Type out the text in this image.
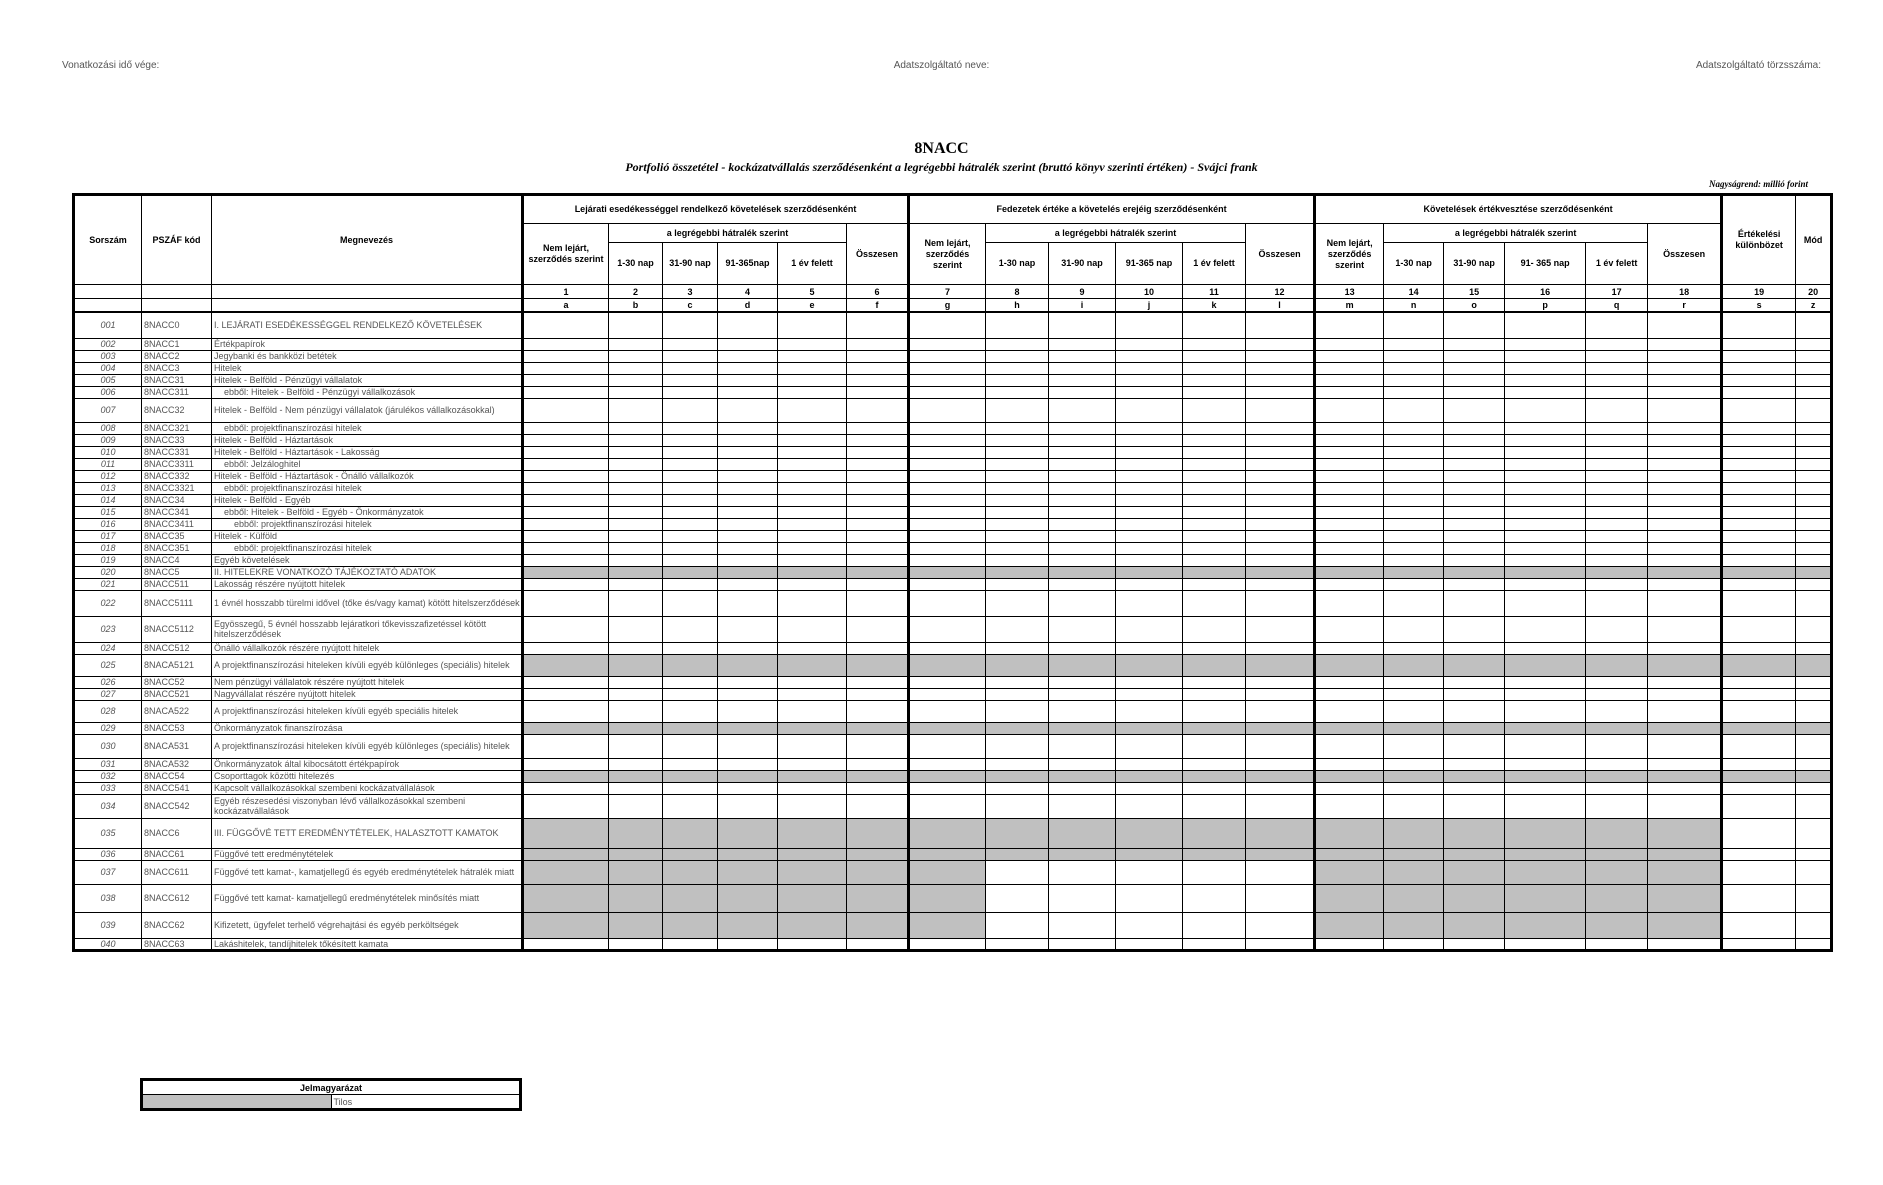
Vonatkozási idő vége:	Adatszolgáltató neve:	Adatszolgáltató törzsszáma:
8NACC
Portfolió összetétel - kockázatvállalás szerződésenként a legrégebbi hátralék szerint (bruttó könyv szerinti értéken) - Svájci frank
Nagyságrend: millió forint
Sorszám	PSZÁF kód	Megnevezés	Lejárati esedékességgel rendelkező követelések szerződésenként						Fedezetek értéke a követelés erejéig szerződésenként						Követelések értékvesztése szerződésenként						Értékelési különbözet	Mód
			Nem lejárt, szerződés szerint	a legrégebbi hátralék szerint				Összesen	Nem lejárt, szerződés szerint	a legrégebbi hátralék szerint				Összesen	Nem lejárt, szerződés szerint	a legrégebbi hátralék szerint				Összesen		
				1-30 nap	31-90 nap	91-365nap	1 év felett			1-30 nap	31-90 nap	91-365 nap	1 év felett			1-30 nap	31-90 nap	91- 365 nap	1 év felett			
			1	2	3	4	5	6	7	8	9	10	11	12	13	14	15	16	17	18	19	20
			a	b	c	d	e	f	g	h	i	j	k	l	m	n	o	p	q	r	s	z
001	8NACC0	I. LEJÁRATI ESEDÉKESSÉGGEL RENDELKEZŐ KÖVETELÉSEK																				
002	8NACC1	Értékpapírok																				
003	8NACC2	Jegybanki és bankközi betétek																				
004	8NACC3	Hitelek																				
005	8NACC31	Hitelek - Belföld - Pénzügyi vállalatok																				
006	8NACC311	ebből: Hitelek - Belföld - Pénzügyi vállalkozások																				
007	8NACC32	Hitelek - Belföld - Nem pénzügyi vállalatok (járulékos vállalkozásokkal)																				
008	8NACC321	ebből: projektfinanszírozási hitelek																				
009	8NACC33	Hitelek - Belföld - Háztartások																				
010	8NACC331	Hitelek - Belföld - Háztartások - Lakosság																				
011	8NACC3311	ebből: Jelzáloghitel																				
012	8NACC332	Hitelek - Belföld - Háztartások - Önálló vállalkozók																				
013	8NACC3321	ebből: projektfinanszírozási hitelek																				
014	8NACC34	Hitelek - Belföld - Egyéb																				
015	8NACC341	ebből: Hitelek - Belföld - Egyéb - Önkormányzatok																				
016	8NACC3411	ebből: projektfinanszírozási hitelek																				
017	8NACC35	Hitelek - Külföld																				
018	8NACC351	ebből: projektfinanszírozási hitelek																				
019	8NACC4	Egyéb követelések																				
020	8NACC5	II. HITELEKRE VONATKOZÓ TÁJÉKOZTATÓ ADATOK																				
021	8NACC511	Lakosság részére nyújtott hitelek																				
022	8NACC5111	1 évnél hosszabb türelmi idővel (tőke és/vagy kamat) kötött hitelszerződések																				
023	8NACC5112	Egyösszegű, 5 évnél hosszabb lejáratkori tőkevisszafizetéssel kötött hitelszerződések																				
024	8NACC512	Önálló vállalkozók részére nyújtott hitelek																				
025	8NACA5121	A projektfinanszírozási hiteleken kívüli egyéb különleges (speciális) hitelek																				
026	8NACC52	Nem pénzügyi vállalatok részére nyújtott hitelek																				
027	8NACC521	Nagyvállalat részére nyújtott hitelek																				
028	8NACA522	A projektfinanszírozási hiteleken kívüli egyéb speciális hitelek																				
029	8NACC53	Önkormányzatok finanszírozása																				
030	8NACA531	A projektfinanszírozási hiteleken kívüli egyéb különleges (speciális) hitelek																				
031	8NACA532	Önkormányzatok által kibocsátott értékpapírok																				
032	8NACC54	Csoporttagok közötti hitelezés																				
033	8NACC541	Kapcsolt vállalkozásokkal szembeni kockázatvállalások																				
034	8NACC542	Egyéb részesedési viszonyban lévő vállalkozásokkal szembeni kockázatvállalások																				
035	8NACC6	III. FÜGGŐVÉ TETT EREDMÉNYTÉTELEK, HALASZTOTT KAMATOK																				
036	8NACC61	Függővé tett eredménytételek																				
037	8NACC611	Függővé tett kamat-, kamatjellegű és egyéb eredménytételek hátralék miatt																				
038	8NACC612	Függővé tett kamat- kamatjellegű eredménytételek minősítés miatt																				
039	8NACC62	Kifizetett, ügyfelet terhelő végrehajtási és egyéb perköltségek																				
040	8NACC63	Lakáshitelek, tandíjhitelek tőkésített kamata																				
Jelmagyarázat
	Tilos
